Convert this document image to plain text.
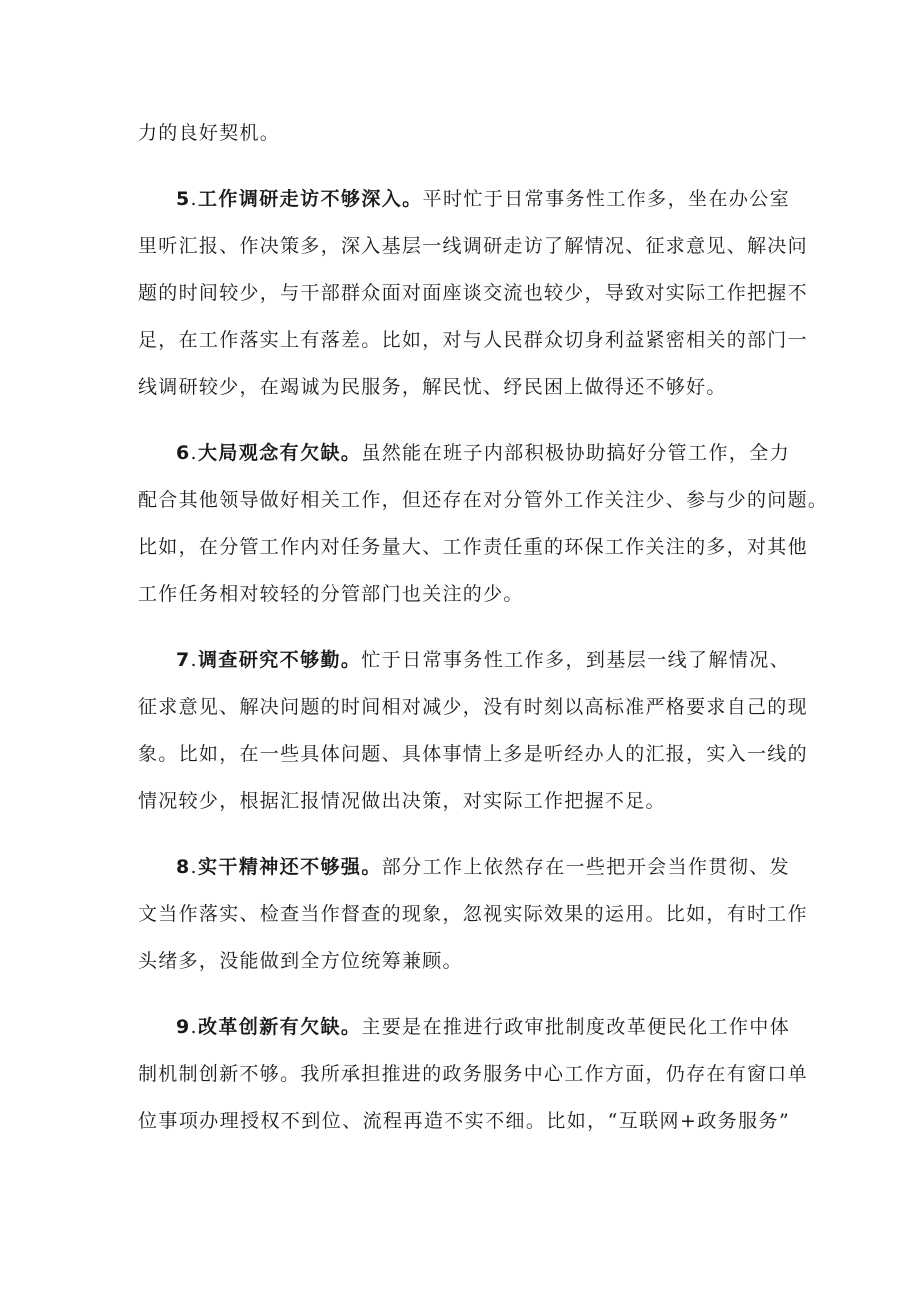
力的良好契机。
5.工作调研走访不够深入。平时忙于日常事务性工作多，坐在办公室
里听汇报、作决策多，深入基层一线调研走访了解情况、征求意见、解决问
题的时间较少，与干部群众面对面座谈交流也较少，导致对实际工作把握不
足，在工作落实上有落差。比如，对与人民群众切身利益紧密相关的部门一
线调研较少，在竭诚为民服务，解民忧、纾民困上做得还不够好。
6.大局观念有欠缺。虽然能在班子内部积极协助搞好分管工作，全力
配合其他领导做好相关工作，但还存在对分管外工作关注少、参与少的问题。
比如，在分管工作内对任务量大、工作责任重的环保工作关注的多，对其他
工作任务相对较轻的分管部门也关注的少。
7.调查研究不够勤。忙于日常事务性工作多，到基层一线了解情况、
征求意见、解决问题的时间相对减少，没有时刻以高标准严格要求自己的现
象。比如，在一些具体问题、具体事情上多是听经办人的汇报，实入一线的
情况较少，根据汇报情况做出决策，对实际工作把握不足。
8.实干精神还不够强。部分工作上依然存在一些把开会当作贯彻、发
文当作落实、检查当作督查的现象，忽视实际效果的运用。比如，有时工作
头绪多，没能做到全方位统筹兼顾。
9.改革创新有欠缺。主要是在推进行政审批制度改革便民化工作中体
制机制创新不够。我所承担推进的政务服务中心工作方面，仍存在有窗口单
位事项办理授权不到位、流程再造不实不细。比如，“互联网+政务服务”
